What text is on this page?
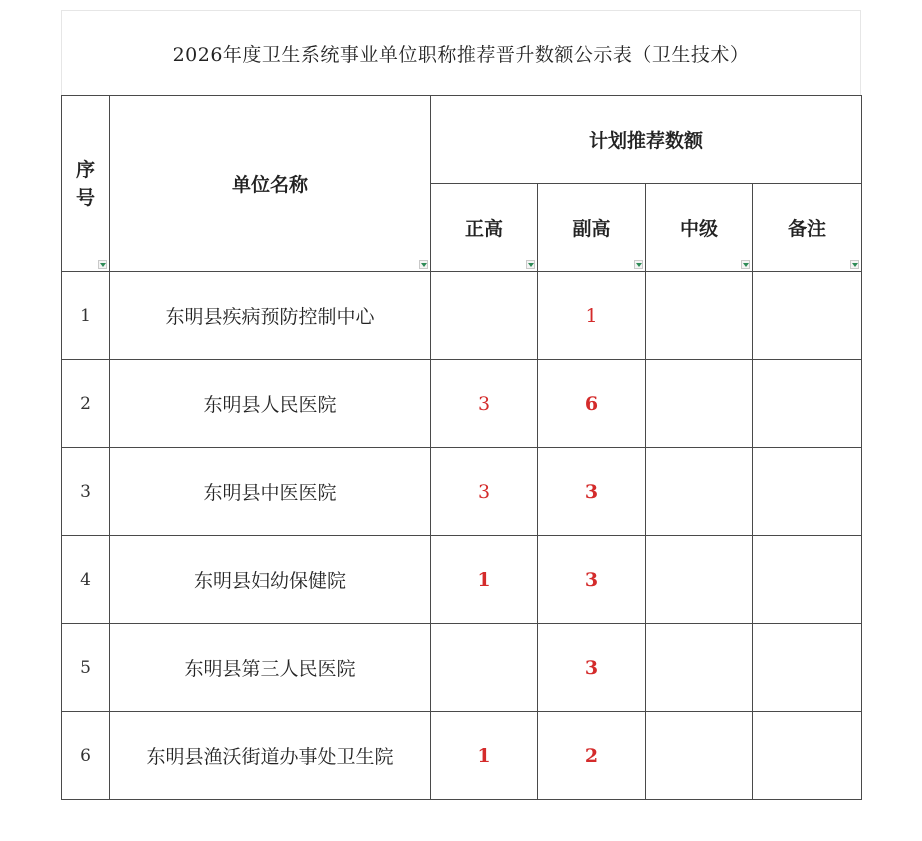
2026年度卫生系统事业单位职称推荐晋升数额公示表（卫生技术）
序号	单位名称	计划推荐数额			
		正高	副高	中级	备注

1	东明县疾病预防控制中心		1		
2	东明县人民医院	3	6		
3	东明县中医医院	3	3		
4	东明县妇幼保健院	1	3		
5	东明县第三人民医院		3		
6	东明县渔沃街道办事处卫生院	1	2		
